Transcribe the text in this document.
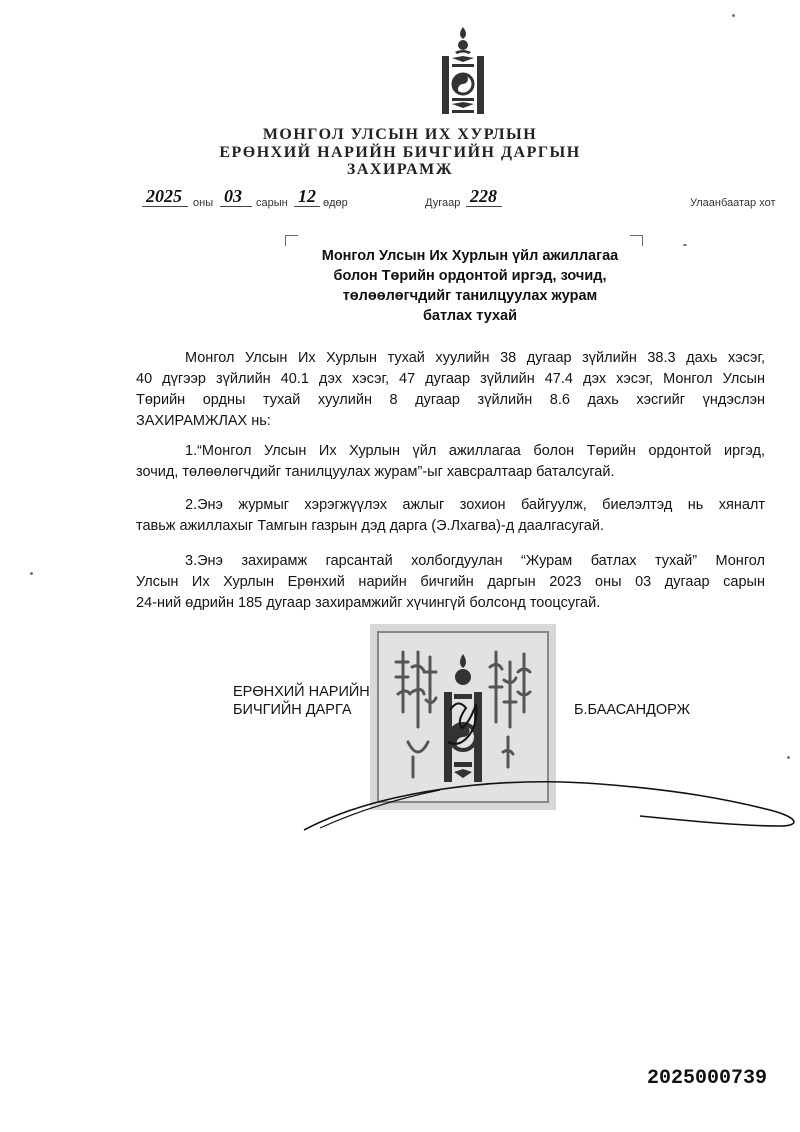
МОНГОЛ УЛСЫН ИХ ХУРЛЫН
ЕРӨНХИЙ НАРИЙН БИЧГИЙН ДАРГЫН
ЗАХИРАМЖ
2025 оны 03 сарын 12 өдөр	Дугаар 228	Улаанбаатар хот
Монгол Улсын Их Хурлын үйл ажиллагаа
болон Төрийн ордонтой иргэд, зочид,
төлөөлөгчдийг танилцуулах журам
батлах тухай
Монгол Улсын Их Хурлын тухай хуулийн 38 дугаар зүйлийн 38.3 дахь хэсэг,
40 дүгээр зүйлийн 40.1 дэх хэсэг, 47 дугаар зүйлийн 47.4 дэх хэсэг, Монгол Улсын
Төрийн ордны тухай хуулийн 8 дугаар зүйлийн 8.6 дахь хэсгийг үндэслэн
ЗАХИРАМЖЛАХ нь:
1.“Монгол Улсын Их Хурлын үйл ажиллагаа болон Төрийн ордонтой иргэд,
зочид, төлөөлөгчдийг танилцуулах журам”-ыг хавсралтаар баталсугай.
2.Энэ журмыг хэрэгжүүлэх ажлыг зохион байгуулж, биелэлтэд нь хяналт
тавьж ажиллахыг Тамгын газрын дэд дарга (Э.Лхагва)-д даалгасугай.
3.Энэ захирамж гарсантай холбогдуулан “Журам батлах тухай” Монгол
Улсын Их Хурлын Ерөнхий нарийн бичгийн даргын 2023 оны 03 дугаар сарын
24-ний өдрийн 185 дугаар захирамжийг хүчингүй болсонд тооцсугай.
ЕРӨНХИЙ НАРИЙН
БИЧГИЙН ДАРГА	Б.БААСАНДОРЖ
2025000739
